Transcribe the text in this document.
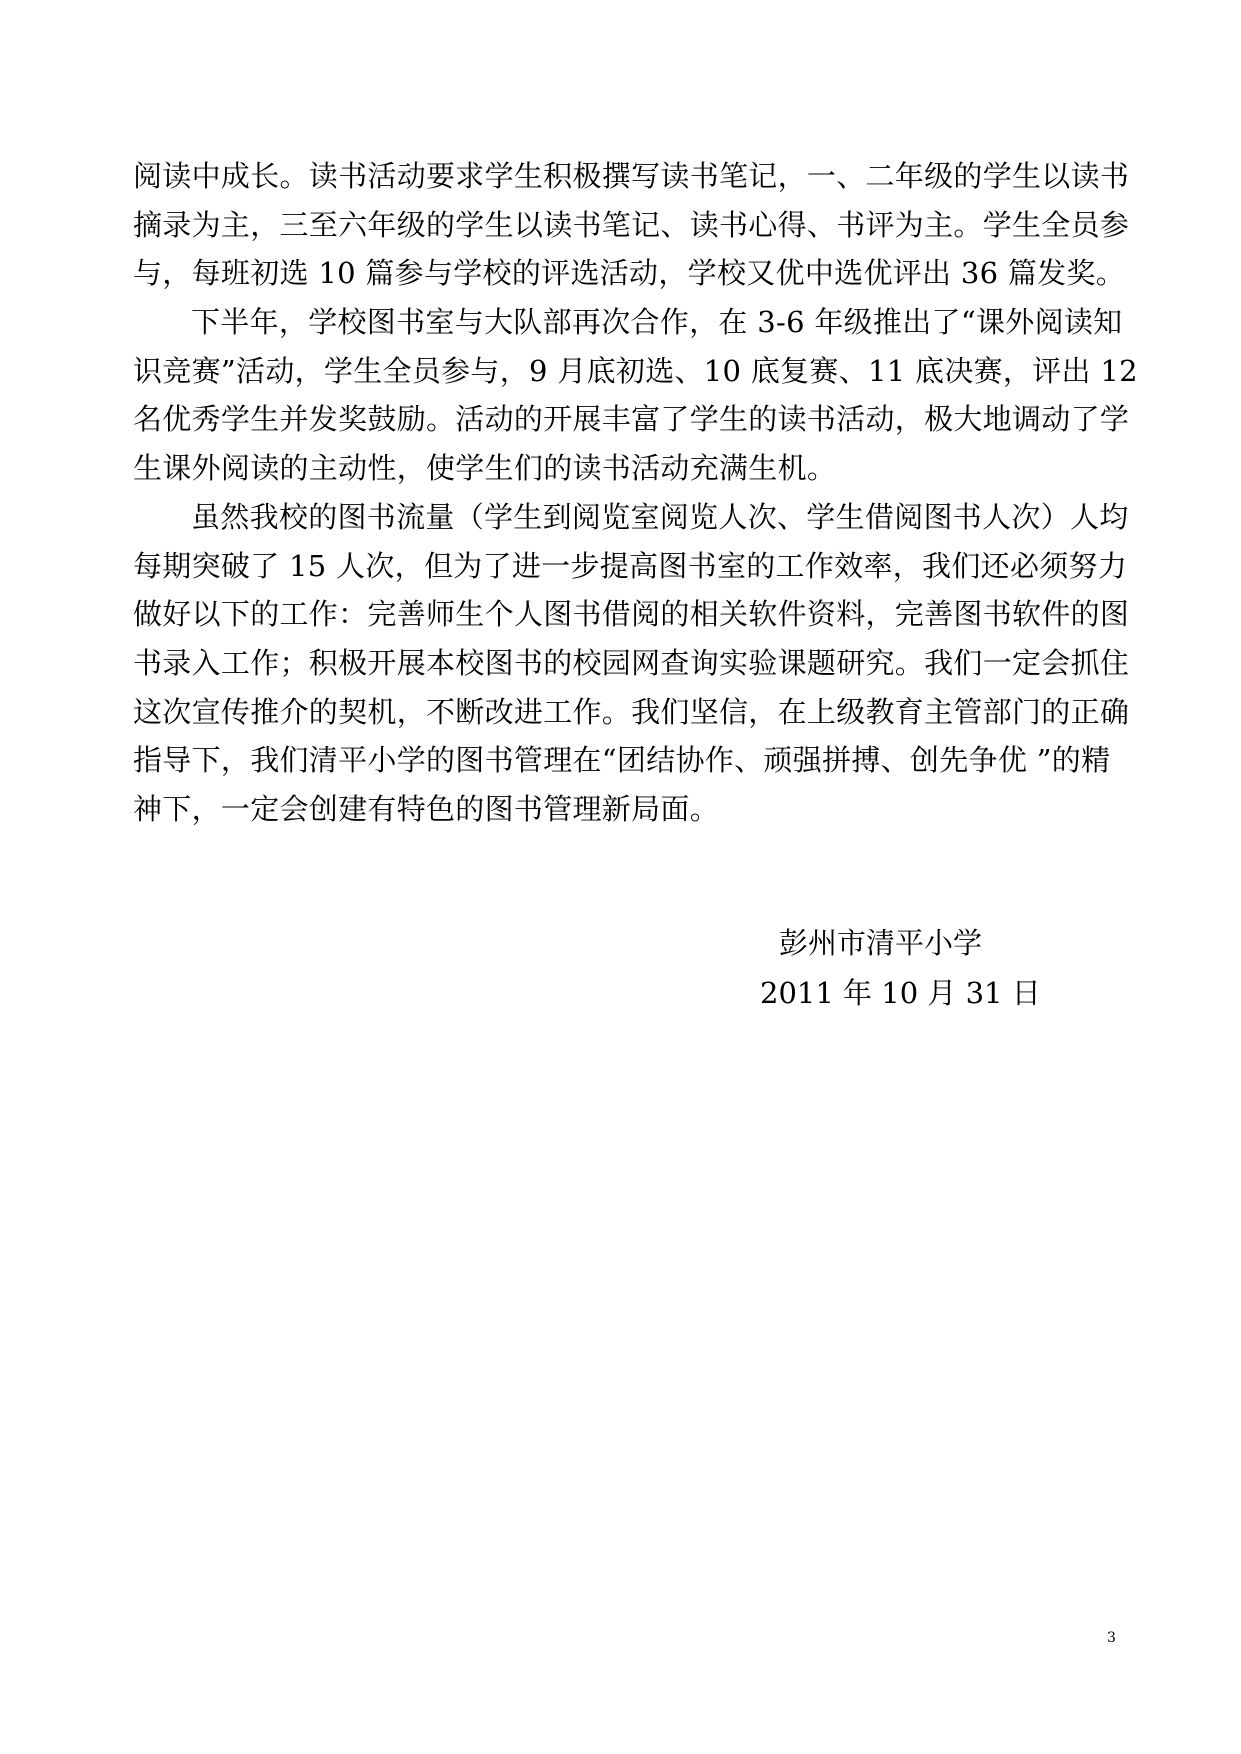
阅读中成长。读书活动要求学生积极撰写读书笔记，一、二年级的学生以读书
摘录为主，三至六年级的学生以读书笔记、读书心得、书评为主。学生全员参
与，每班初选 10 篇参与学校的评选活动，学校又优中选优评出 36 篇发奖。
下半年，学校图书室与大队部再次合作，在 3-6 年级推出了“课外阅读知
识竞赛”活动，学生全员参与，9 月底初选、10 底复赛、11 底决赛，评出 12
名优秀学生并发奖鼓励。活动的开展丰富了学生的读书活动，极大地调动了学
生课外阅读的主动性，使学生们的读书活动充满生机。
虽然我校的图书流量（学生到阅览室阅览人次、学生借阅图书人次）人均
每期突破了 15 人次，但为了进一步提高图书室的工作效率，我们还必须努力
做好以下的工作：完善师生个人图书借阅的相关软件资料，完善图书软件的图
书录入工作；积极开展本校图书的校园网查询实验课题研究。我们一定会抓住
这次宣传推介的契机，不断改进工作。我们坚信，在上级教育主管部门的正确
指导下，我们清平小学的图书管理在“团结协作、顽强拼搏、创先争优 ”的精
神下，一定会创建有特色的图书管理新局面。
彭州市清平小学
2011 年 10 月 31 日
3
